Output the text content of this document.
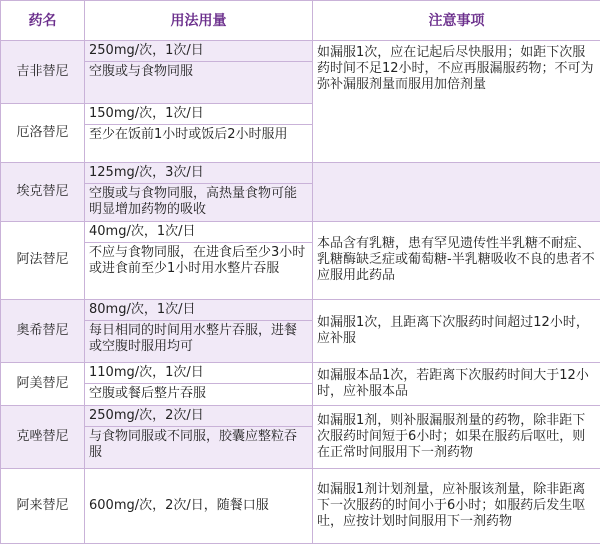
药名	用法用量	注意事项
吉非替尼	250mg/次，1次/日	如漏服1次，应在记起后尽快服用；如距下次服药时间不足12小时，不应再服漏服药物；不可为弥补漏服剂量而服用加倍剂量
	空腹或与食物同服	
厄洛替尼	150mg/次，1次/日	
	至少在饭前1小时或饭后2小时服用	
埃克替尼	125mg/次，3次/日	
	空腹或与食物同服，高热量食物可能明显增加药物的吸收	
阿法替尼	40mg/次，1次/日	本品含有乳糖，患有罕见遗传性半乳糖不耐症、乳糖酶缺乏症或葡萄糖-半乳糖吸收不良的患者不应服用此药品
	不应与食物同服，在进食后至少3小时或进食前至少1小时用水整片吞服	
奥希替尼	80mg/次，1次/日	如漏服1次，且距离下次服药时间超过12小时，应补服
	每日相同的时间用水整片吞服，进餐或空腹时服用均可	
阿美替尼	110mg/次，1次/日	如漏服本品1次，若距离下次服药时间大于12小时，应补服本品
	空腹或餐后整片吞服	
克唑替尼	250mg/次，2次/日	如漏服1剂，则补服漏服剂量的药物，除非距下次服药时间短于6小时；如果在服药后呕吐，则在正常时间服用下一剂药物
	与食物同服或不同服，胶囊应整粒吞服	
阿来替尼	600mg/次，2次/日，随餐口服	如漏服1剂计划剂量，应补服该剂量，除非距离下一次服药的时间小于6小时；如服药后发生呕吐，应按计划时间服用下一剂药物
